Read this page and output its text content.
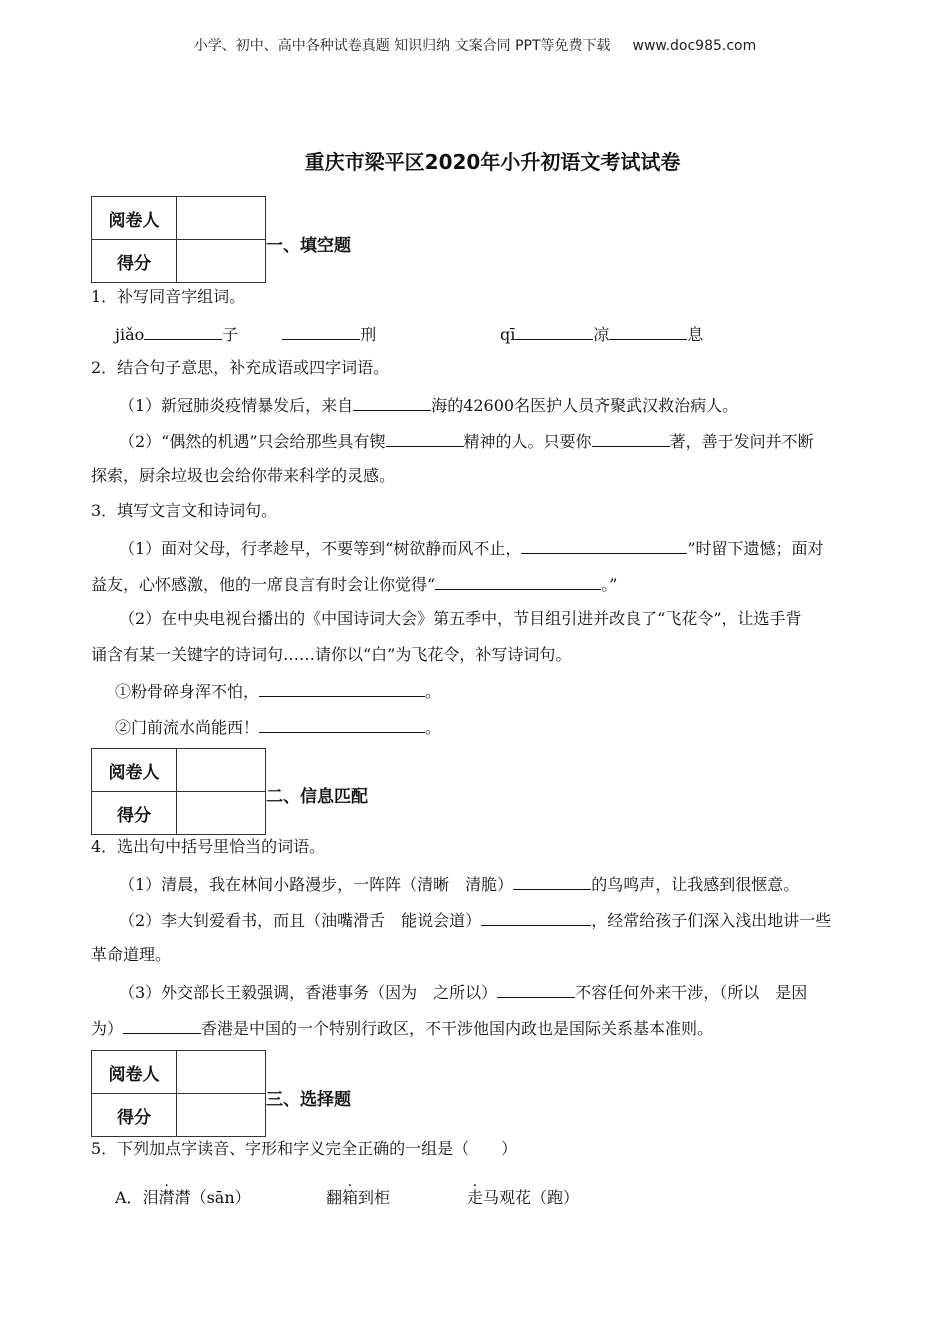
小学、初中、高中各种试卷真题 知识归纳 文案合同 PPT等免费下载 www.doc985.com
重庆市梁平区2020年小升初语文考试试卷
阅卷人	
得分	
一、填空题
1．补写同音字组词。
jiǎo	子	刑	qī	凉	息
2．结合句子意思，补充成语或四字词语。
（1）新冠肺炎疫情暴发后，来自	海的42600名医护人员齐聚武汉救治病人。
（2）“偶然的机遇”只会给那些具有锲	精神的人。只要你	著，善于发问并不断
探索，厨余垃圾也会给你带来科学的灵感。
3．填写文言文和诗词句。
（1）面对父母，行孝趁早，不要等到“树欲静而风不止，	”时留下遗憾；面对
益友，心怀感激，他的一席良言有时会让你觉得“	。”
（2）在中央电视台播出的《中国诗词大会》第五季中，节目组引进并改良了“飞花令”，让选手背
诵含有某一关键字的诗词句……请你以“白”为飞花令，补写诗词句。
①粉骨碎身浑不怕，	。
②门前流水尚能西！	。
阅卷人	
得分	
二、信息匹配
4．选出句中括号里恰当的词语。
（1）清晨，我在林间小路漫步，一阵阵（清晰　清脆）	的鸟鸣声，让我感到很惬意。
（2）李大钊爱看书，而且（油嘴滑舌　能说会道）	，经常给孩子们深入浅出地讲一些
革命道理。
（3）外交部长王毅强调，香港事务（因为　之所以）	不容任何外来干涉，（所以　是因
为）	香港是中国的一个特别行政区，不干涉他国内政也是国际关系基本准则。
阅卷人	
得分	
三、选择题
5．下列加点字读音、字形和字义完全正确的一组是（　　）
A．泪潸潸（sān）	翻箱到柜	走马观花（跑）
